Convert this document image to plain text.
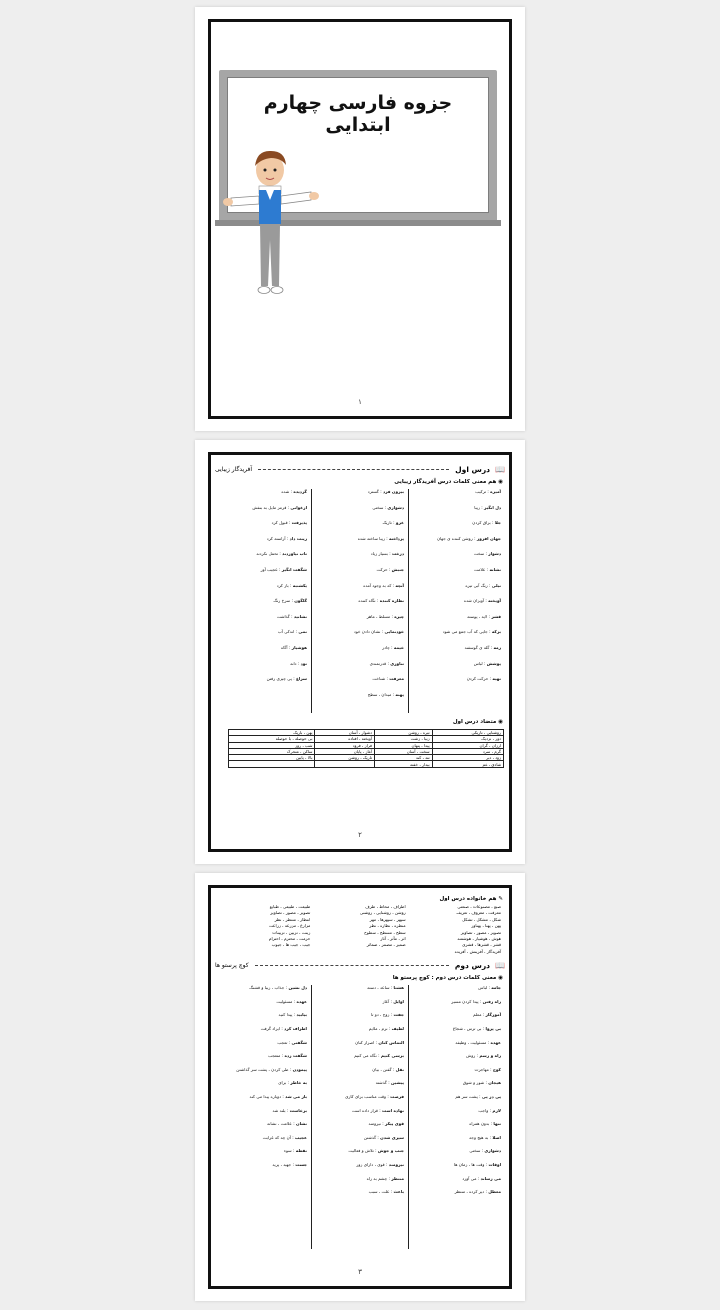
جزوه فارسی چهارم ابتدایی
۱
📖
درس اول
آفریدگار زیبایی
◉ هم معنی کلمات درس آفریدگار زیبایی
آمیزه : ترکیب
دل انگیز : زیبا
جلا : براق کردن
جهان افروز : روشن کننده ی جهان
دشوار : سخت
نشانه : علامت
نیلی : رنگ آبی تیره
آویخته : آویزان شده
قشر : لایه ، پوسته
برکه : جایی که آب جمع می شود
رمه : گله ی گوسفند
پوشش : لباس
تهیه : حرکت کردن
بیرون فرد : گسترد
دشواری : سختی
غرو : تاریک
پرداخته : زیبا ساخته شده
درخت : بسیار زیاد
جنبش : حرکت
آنچه : که به وجود آمده
نظاره کننده : نگاه کننده
چیره : مسلط ، ماهر
خودنمایی : نشان دادن خود
خیمه : چادر
تناوری : قدرتمندی
معرفت : شناخت
پهنه : میدان ، سطح
گردیده : شده
ارغوانی : قرمز مایل به بنفش
پذیرفت : قبول کرد
زینت داد : آراسته کرد
تاب نیاوردند : تحمل نکردند
شگفت انگیز : عجیب آور
یکشنبه : باز کرد
گلگون : سرخ رنگ
نشانید : گذاشت
نمی : اندکی آب
هوشیار : آگاه
تود : دانه
سراغ : پی چیزی رفتن
◉ متضاد درس اول
روشنایی ، تاریکی	تیره ، روشن	دشوار ، آسان	پهن ، باریک
دور ، نزدیک	زیبا ، زشت	آویخته ، افتاده	بی حوصله ، با حوصله
ارزان ، گران	پیدا ، پنهان	فراز ، فرود	شب ، روز
گرم ، سرد	سخت ، آسان	آغاز ، پایان	ساکن ، متحرک
زود ، دیر	تند ، کند	تاریک ، روشن	بالا ، پایین
شادی ، غم	بیدار ، خفته		
۲
✎ هم خانواده درس اول
صنع ، مصنوعات ، صنعتی
معرفت ، معروف ، تعریف
شکل ، مشکل ، تشکل
پهن ، پهنا ، پهناور
تصویر ، مصور ، تصاویر
هوش ، هوشیار ، هوشمند
قشر ، قشرها ، قشری
آفریدگار ، آفرینش ، آفریده
اطراف ، محاط ، طرف
روشن ، روشنایی ، روشنی
سپهر ، سپهرها ، مهر
منظره ، نظاره ، نظر
سطح ، مسطح ، سطوح
اثر ، مآثر ، آثار
ضمیر ، مضمر ، ضمائر
طبیعت ، طبیعی ، طبایع
تصویر ، مصور ، تصاویر
انتظار ، منتظر ، نظر
مزارع ، مزرعه ، زراعت
زینت ، تزیین ، تزیینات
حرمت ، محترم ، احترام
جیب ، جیب ها ، جیوب
📖
درس دوم
کوچ پرستو ها
◉ معنی کلمات درس دوم : کوچ پرستو ها
جامه : لباس
راه رفتن : پیدا کردن مسیر
آموزگار : معلم
بی پروا : بی ترس ، شجاع
عهده : مسئولیت ، وظیفه
راه و رسم : روش
کوچ : مهاجرت
هیجان : شور و شوق
پی در پی : پشت سر هم
لازم : واجب
تنها : بدون همراه
اصلا : به هیچ وجه
دشواری : سختی
اوقات : وقت ها ، زمان ها
می رساند : می آورد
معطل : دیر کرده ، منتظر
هشتا : ساعد ، دسته
اوایل : آغاز
جفت : زوج ، دو تا
لطیف : نرم ، ملایم
التماس کنان : اصرار کنان
برسی کنیم : نگاه می کنیم
نقل : گفتن ، بیان
پیشین : گذشته
فرصت : وقت مناسب برای کاری
نهاده است : قرار داده است
قوی پیکر : نیرومند
سپری شدن : گذشتن
جنب و جوش : تلاش و فعالیت
نیرومند : قوی ، دارای زور
منتظر : چشم به راه
باعث : علت ، سبب
دل نشین : جذاب ، زیبا و قشنگ
عهده : مسئولیت
بیابید : پیدا کنید
اطراف کرد : ایراد گرفت
شگفتی : تعجب
شگفت زده : متعجب
پیمودن : طی کردن ، پشت سر گذاشتن
به خاطر : برای
باز می شد : دوباره پیدا می کند
برخاست : بلند شد
نشان : علامت ، نشانه
عجیب : آن چه که غرابت
نقطه : سوء
جست : جهید ، پرید
۳
